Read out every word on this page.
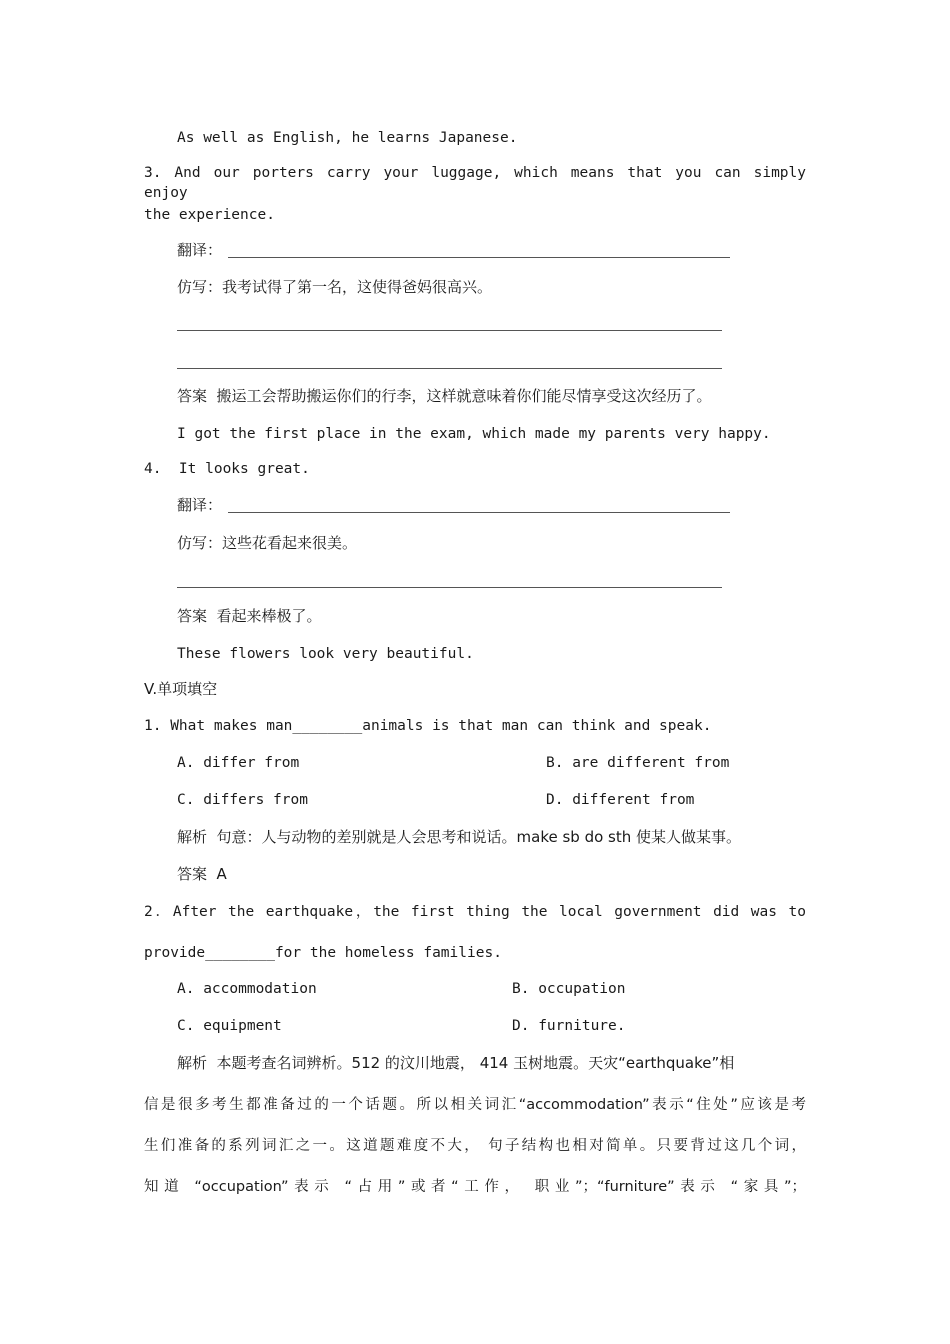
As well as English, he learns Japanese.
3. And our porters carry your luggage, which means that you can simply enjoy
the experience.
翻译：
仿写：我考试得了第一名，这使得爸妈很高兴。
答案  搬运工会帮助搬运你们的行李，这样就意味着你们能尽情享受这次经历了。
I got the first place in the exam, which made my parents very happy.
4.  It looks great.
翻译：
仿写：这些花看起来很美。
答案  看起来棒极了。
These flowers look very beautiful.
V.单项填空
1. What makes man________animals is that man can think and speak.
A. differ from	B. are different from
C. differs from	D. different from
解析  句意：人与动物的差别就是人会思考和说话。make sb do sth 使某人做某事。
答案  A
2．After the earthquake，the first thing the local government did was to
provide________for the homeless families.
A. accommodation	B. occupation
C. equipment	D. furniture.
解析  本题考查名词辨析。512 的汶川地震， 414 玉树地震。天灾“earthquake”相
信是很多考生都准备过的一个话题。所以相关词汇“accommodation”表示“住处”应该是考
生们准备的系列词汇之一。这道题难度不大， 句子结构也相对简单。只要背过这几个词，
知道 “occupation”表示 “占用”或者“工作， 职业”；“furniture”表示 “家具”；
